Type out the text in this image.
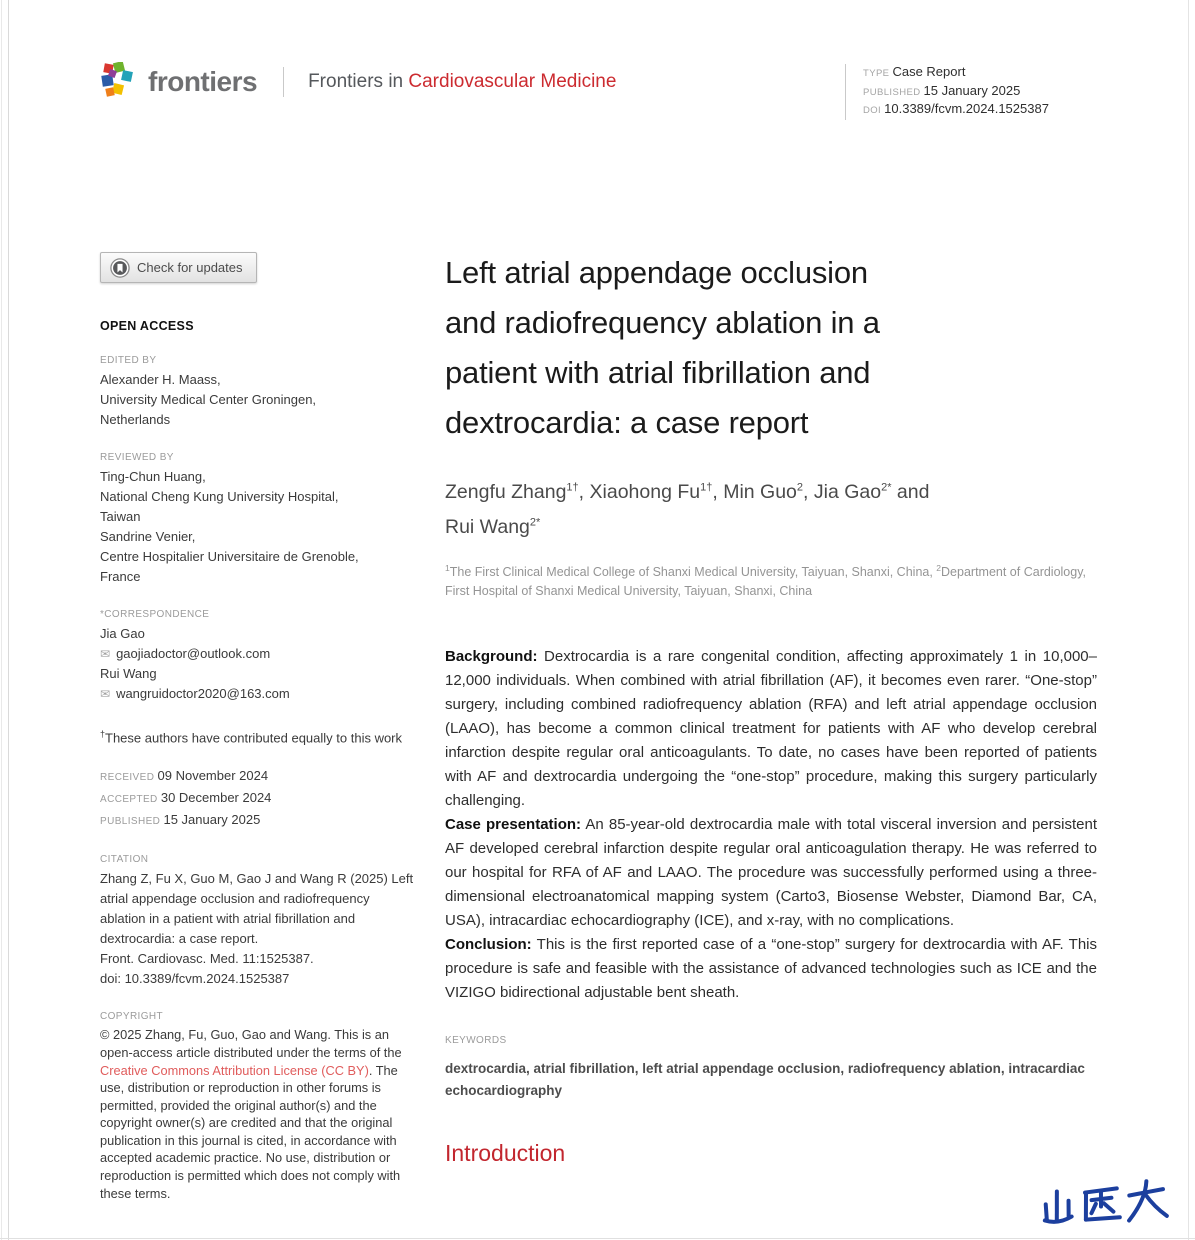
frontiers	Frontiers in Cardiovascular Medicine	TYPE Case Report
PUBLISHED 15 January 2025
DOI 10.3389/fcvm.2024.1525387
Check for updates
OPEN ACCESS
EDITED BY
Alexander H. Maass,
University Medical Center Groningen,
Netherlands
REVIEWED BY
Ting-Chun Huang,
National Cheng Kung University Hospital,
Taiwan
Sandrine Venier,
Centre Hospitalier Universitaire de Grenoble,
France
*CORRESPONDENCE
Jia Gao
✉ gaojiadoctor@outlook.com
Rui Wang
✉ wangruidoctor2020@163.com
†These authors have contributed equally to this work
RECEIVED 09 November 2024
ACCEPTED 30 December 2024
PUBLISHED 15 January 2025
CITATION
Zhang Z, Fu X, Guo M, Gao J and Wang R (2025) Left atrial appendage occlusion and radiofrequency ablation in a patient with atrial fibrillation and dextrocardia: a case report.
Front. Cardiovasc. Med. 11:1525387.
doi: 10.3389/fcvm.2024.1525387
COPYRIGHT
© 2025 Zhang, Fu, Guo, Gao and Wang. This is an open-access article distributed under the terms of the Creative Commons Attribution License (CC BY). The use, distribution or reproduction in other forums is permitted, provided the original author(s) and the copyright owner(s) are credited and that the original publication in this journal is cited, in accordance with accepted academic practice. No use, distribution or reproduction is permitted which does not comply with these terms.
Left atrial appendage occlusion
and radiofrequency ablation in a
patient with atrial fibrillation and
dextrocardia: a case report
Zengfu Zhang$^{1\dagger}$, Xiaohong $Fu^{1\dagger}$, Min Guo$^2$, Jia Gao$^{2*}$ and
Rui Wang$^{2*}$
$^1$The First Clinical Medical College of Shanxi Medical University, Taiyuan, Shanxi, China, $^2$Department of Cardiology, First Hospital of Shanxi Medical University, Taiyuan, Shanxi, China

Background: Dextrocardia is a rare congenital condition, affecting approximately 1 in 10,000–12,000 individuals. When combined with atrial fibrillation (AF), it becomes even rarer. “One-stop” surgery, including combined radiofrequency ablation (RFA) and left atrial appendage occlusion (LAAO), has become a common clinical treatment for patients with AF who develop cerebral infarction despite regular oral anticoagulants. To date, no cases have been reported of patients with AF and dextrocardia undergoing the “one-stop” procedure, making this surgery particularly challenging.

Case presentation: An 85-year-old dextrocardia male with total visceral inversion and persistent AF developed cerebral infarction despite regular oral anticoagulation therapy. He was referred to our hospital for RFA of AF and LAAO. The procedure was successfully performed using a three-dimensional electroanatomical mapping system (Carto3, Biosense Webster, Diamond Bar, CA, USA), intracardiac echocardiography (ICE), and x-ray, with no complications.

Conclusion: This is the first reported case of a “one-stop” surgery for dextrocardia with AF. This procedure is safe and feasible with the assistance of advanced technologies such as ICE and the VIZIGO bidirectional adjustable bent sheath.

KEYWORDS
dextrocardia, atrial fibrillation, left atrial appendage occlusion, radiofrequency ablation, intracardiac echocardiography
Introduction
